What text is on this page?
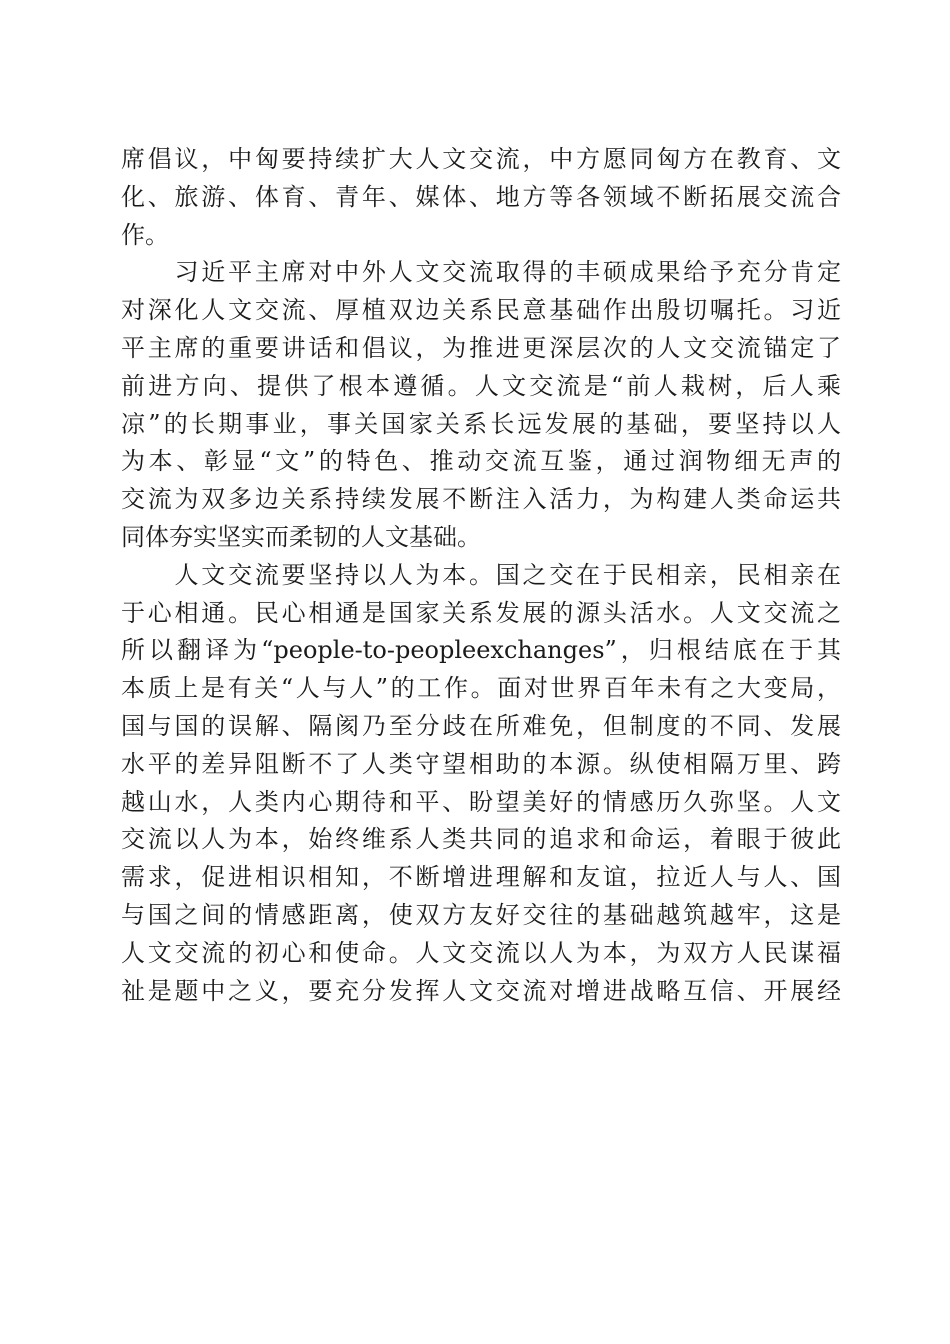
席倡议，中匈要持续扩大人文交流，中方愿同匈方在教育、文
化、旅游、体育、青年、媒体、地方等各领域不断拓展交流合
作。
　　习近平主席对中外人文交流取得的丰硕成果给予充分肯定
对深化人文交流、厚植双边关系民意基础作出殷切嘱托。习近
平主席的重要讲话和倡议，为推进更深层次的人文交流锚定了
前进方向、提供了根本遵循。人文交流是“前人栽树，后人乘
凉”的长期事业，事关国家关系长远发展的基础，要坚持以人
为本、彰显“文”的特色、推动交流互鉴，通过润物细无声的
交流为双多边关系持续发展不断注入活力，为构建人类命运共
同体夯实坚实而柔韧的人文基础。
　　人文交流要坚持以人为本。国之交在于民相亲，民相亲在
于心相通。民心相通是国家关系发展的源头活水。人文交流之
所以翻译为“people-to-peopleexchanges”，归根结底在于其
本质上是有关“人与人”的工作。面对世界百年未有之大变局，
国与国的误解、隔阂乃至分歧在所难免，但制度的不同、发展
水平的差异阻断不了人类守望相助的本源。纵使相隔万里、跨
越山水，人类内心期待和平、盼望美好的情感历久弥坚。人文
交流以人为本，始终维系人类共同的追求和命运，着眼于彼此
需求，促进相识相知，不断增进理解和友谊，拉近人与人、国
与国之间的情感距离，使双方友好交往的基础越筑越牢，这是
人文交流的初心和使命。人文交流以人为本，为双方人民谋福
祉是题中之义，要充分发挥人文交流对增进战略互信、开展经
